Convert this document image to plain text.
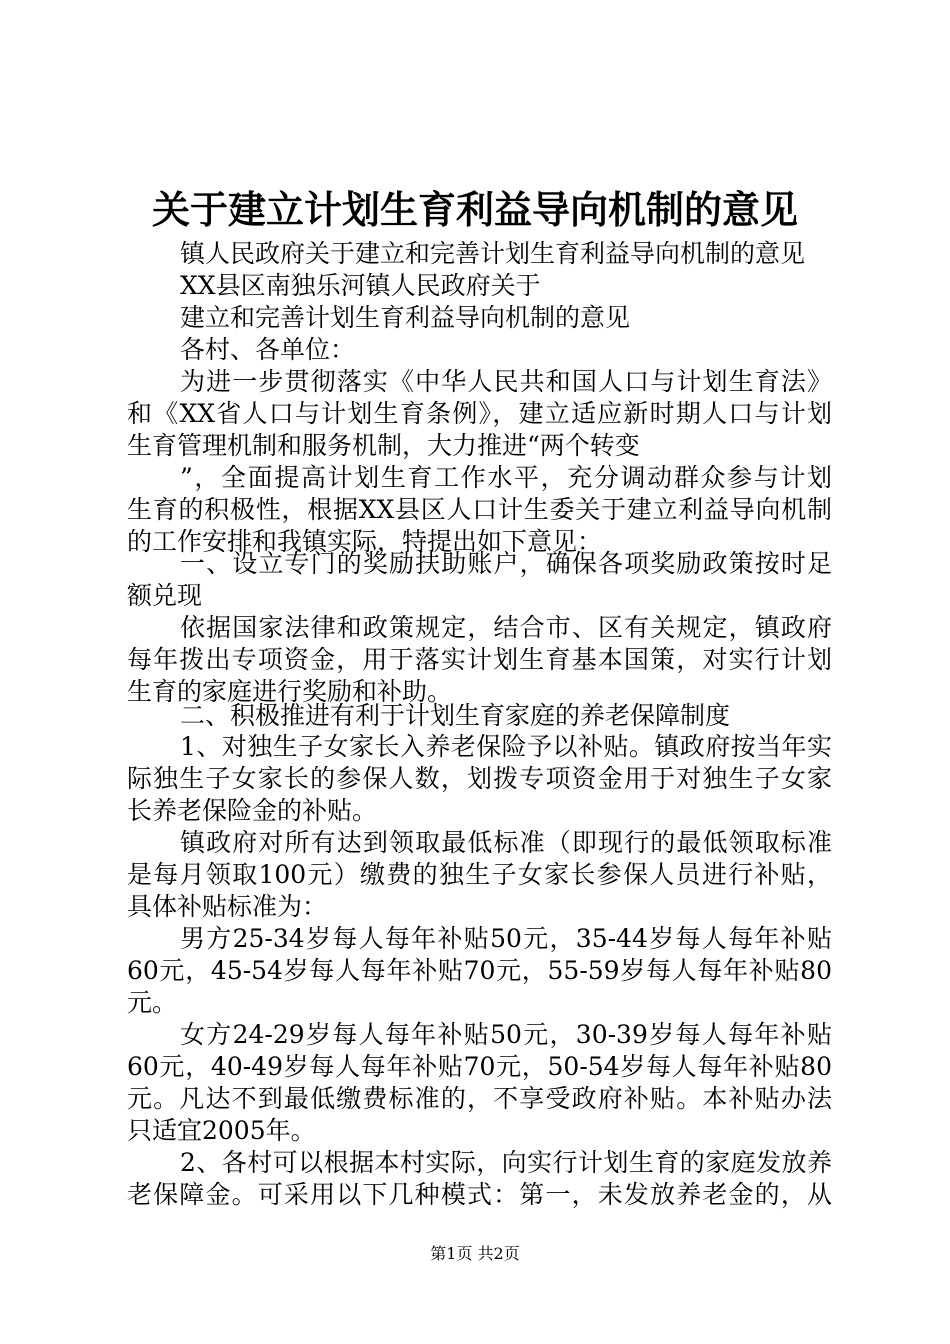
关于建立计划生育利益导向机制的意见
镇人民政府关于建立和完善计划生育利益导向机制的意见
XX县区南独乐河镇人民政府关于
建立和完善计划生育利益导向机制的意见
各村、各单位：
为进一步贯彻落实《中华人民共和国人口与计划生育法》
和《XX省人口与计划生育条例》，建立适应新时期人口与计划
生育管理机制和服务机制，大力推进“两个转变
”，全面提高计划生育工作水平，充分调动群众参与计划
生育的积极性，根据XX县区人口计生委关于建立利益导向机制
的工作安排和我镇实际，特提出如下意见：
一、设立专门的奖励扶助账户，确保各项奖励政策按时足
额兑现
依据国家法律和政策规定，结合市、区有关规定，镇政府
每年拨出专项资金，用于落实计划生育基本国策，对实行计划
生育的家庭进行奖励和补助。
二、积极推进有利于计划生育家庭的养老保障制度
1、对独生子女家长入养老保险予以补贴。镇政府按当年实
际独生子女家长的参保人数，划拨专项资金用于对独生子女家
长养老保险金的补贴。
镇政府对所有达到领取最低标准（即现行的最低领取标准
是每月领取100元）缴费的独生子女家长参保人员进行补贴，
具体补贴标准为：
男方25-34岁每人每年补贴50元，35-44岁每人每年补贴
60元，45-54岁每人每年补贴70元，55-59岁每人每年补贴80
元。
女方24-29岁每人每年补贴50元，30-39岁每人每年补贴
60元，40-49岁每人每年补贴70元，50-54岁每人每年补贴80
元。凡达不到最低缴费标准的，不享受政府补贴。本补贴办法
只适宜2005年。
2、各村可以根据本村实际，向实行计划生育的家庭发放养
老保障金。可采用以下几种模式：第一，未发放养老金的，从
第1页 共2页
